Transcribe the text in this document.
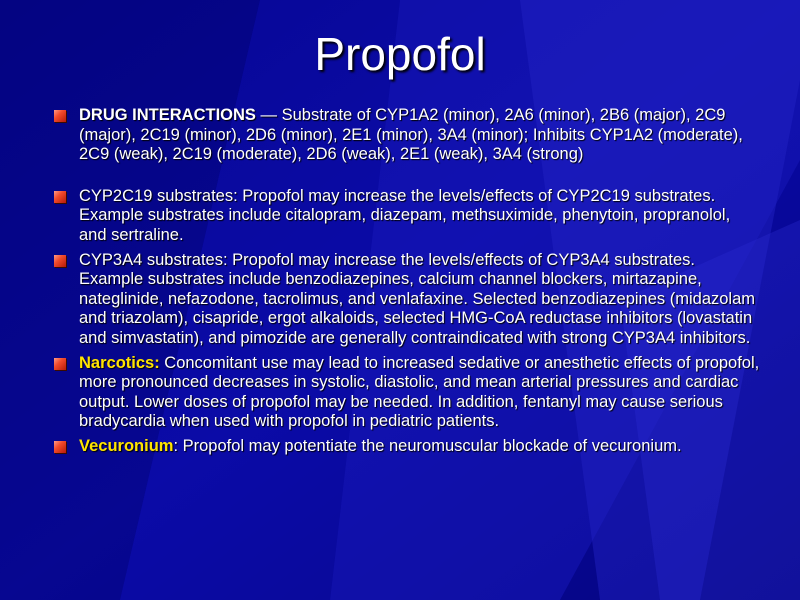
Propofol
DRUG INTERACTIONS — Substrate of CYP1A2 (minor), 2A6 (minor), 2B6 (major), 2C9 (major), 2C19 (minor), 2D6 (minor), 2E1 (minor), 3A4 (minor); Inhibits CYP1A2 (moderate), 2C9 (weak), 2C19 (moderate), 2D6 (weak), 2E1 (weak), 3A4 (strong)
CYP2C19 substrates: Propofol may increase the levels/effects of CYP2C19 substrates. Example substrates include citalopram, diazepam, methsuximide, phenytoin, propranolol, and sertraline.
CYP3A4 substrates: Propofol may increase the levels/effects of CYP3A4 substrates. Example substrates include benzodiazepines, calcium channel blockers, mirtazapine, nateglinide, nefazodone, tacrolimus, and venlafaxine. Selected benzodiazepines (midazolam and triazolam), cisapride, ergot alkaloids, selected HMG-CoA reductase inhibitors (lovastatin and simvastatin), and pimozide are generally contraindicated with strong CYP3A4 inhibitors.
Narcotics: Concomitant use may lead to increased sedative or anesthetic effects of propofol, more pronounced decreases in systolic, diastolic, and mean arterial pressures and cardiac output. Lower doses of propofol may be needed. In addition, fentanyl may cause serious bradycardia when used with propofol in pediatric patients.
Vecuronium: Propofol may potentiate the neuromuscular blockade of vecuronium.
